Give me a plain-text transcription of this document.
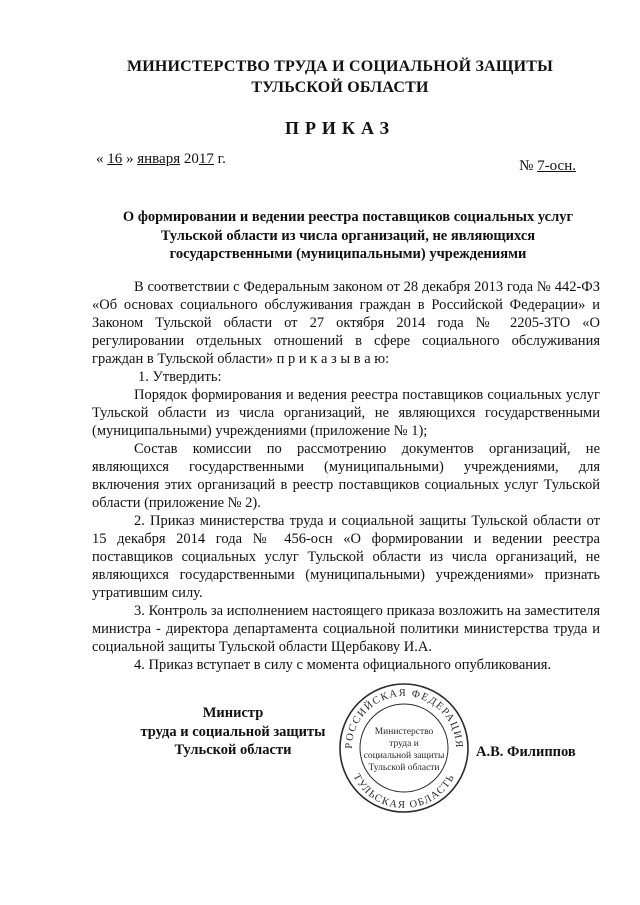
МИНИСТЕРСТВО ТРУДА И СОЦИАЛЬНОЙ ЗАЩИТЫ
ТУЛЬСКОЙ ОБЛАСТИ
ПРИКАЗ
« 16 » января 2017 г.	№ 7-осн.
О формировании и ведении реестра поставщиков социальных услуг
Тульской области из числа организаций, не являющихся
государственными (муниципальными) учреждениями

В соответствии с Федеральным законом от 28 декабря 2013 года № 442-ФЗ «Об основах социального обслуживания граждан в Российской Федерации» и Законом Тульской области от 27 октября 2014 года № 2205-ЗТО «О регулировании отдельных отношений в сфере социального обслуживания граждан в Тульской области» п р и к а з ы в а ю:

1. Утвердить:

Порядок формирования и ведения реестра поставщиков социальных услуг Тульской области из числа организаций, не являющихся государственными (муниципальными) учреждениями (приложение № 1);

Состав комиссии по рассмотрению документов организаций, не являющихся государственными (муниципальными) учреждениями, для включения этих организаций в реестр поставщиков социальных услуг Тульской области (приложение № 2).

2. Приказ министерства труда и социальной защиты Тульской области от 15 декабря 2014 года № 456-осн «О формировании и ведении реестра поставщиков социальных услуг Тульской области из числа организаций, не являющихся государственными (муниципальными) учреждениями» признать утратившим силу.

3. Контроль за исполнением настоящего приказа возложить на заместителя министра - директора департамента социальной политики министерства труда и социальной защиты Тульской области Щербакову И.А.

4. Приказ вступает в силу с момента официального опубликования.

Министр
труда и социальной защиты
Тульской области	А.В. Филиппов
РОССИЙСКАЯ ФЕДЕРАЦИЯ
ТУЛЬСКАЯ ОБЛАСТЬ
Министерство
труда и
социальной защиты
Тульской области
